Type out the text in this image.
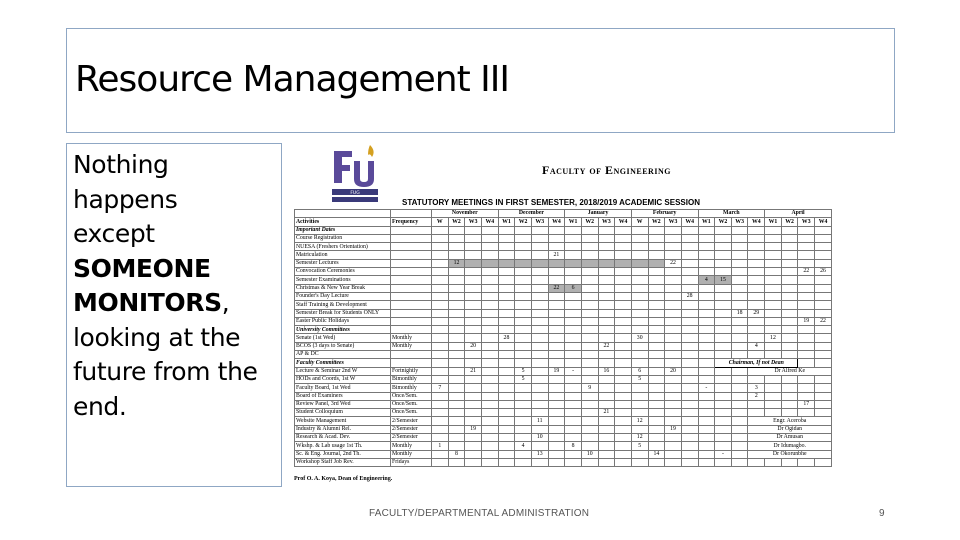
Resource Management III
Nothing
happens
except
SOMEONE
MONITORS,
looking at the
future from the
end.
FUG
Faculty of Engineering
STATUTORY MEETINGS IN FIRST SEMESTER, 2018/2019 ACADEMIC SESSION
		November				December				January				February				March				April			
Activities	Frequency	W	W2	W3	W4	W1	W2	W3	W4	W1	W2	W3	W4	W	W2	W3	W4	W1	W2	W3	W4	W1	W2	W3	W4
Important Dates																									
Course Registration																									
NUESA (Freshers Orientation)																									
Matriculation									21																
Semester Lectures			12													22									
Convocation Ceremonies																								22	26
Semester Examinations																		4	15						
Christmas & New Year Break									22	6															
Founder's Day Lecture																	28								
Staff Training & Development																									
Semester Break for Students ONLY																				18	29				
Easter Public Holidays																								19	22
University Committees																									
Senate (1st Wed)	Monthly					28								30								12			
BCOS (3 days to Senate)	Monthly			20								22									4				
AP & DC																									
Faculty Committees																			Chairman, If not Dean						
Lecture & Seminar 2nd W	Fortnightly			21			5		19	-		16		6		20					Dr Alfred Ke				
HODs and Coords, 1st W	Bimonthly						5							5											
Faculty Board, 1st Wed	Bimonthly	7									9							-			3				
Board of Examiners	Once/Sem.																				2				
Review Panel, 3rd Wed	Once/Sem.																							17	
Student Colloquium	Once/Sem.											21													
Website Management	2/Semester							11						12							Engr. Aceroba				
Industry & Alumni Rel.	2/Semester			19												19					Dr Ogidan				
Research & Acad. Dev.	2/Semester							10						12							Dr Amusan				
Wkshp. & Lab usage 1st Th.	Monthly	1					4			8				5							Dr Idumagbo.				
Sc. & Eng. Journal, 2nd Th.	Monthly		8					13			10				14				-		Dr Okorunbhe				
Workshop Staff Job Rev.	Fridays																								
Prof O. A. Koya, Dean of Engineering.
FACULTY/DEPARTMENTAL ADMINISTRATION	9
